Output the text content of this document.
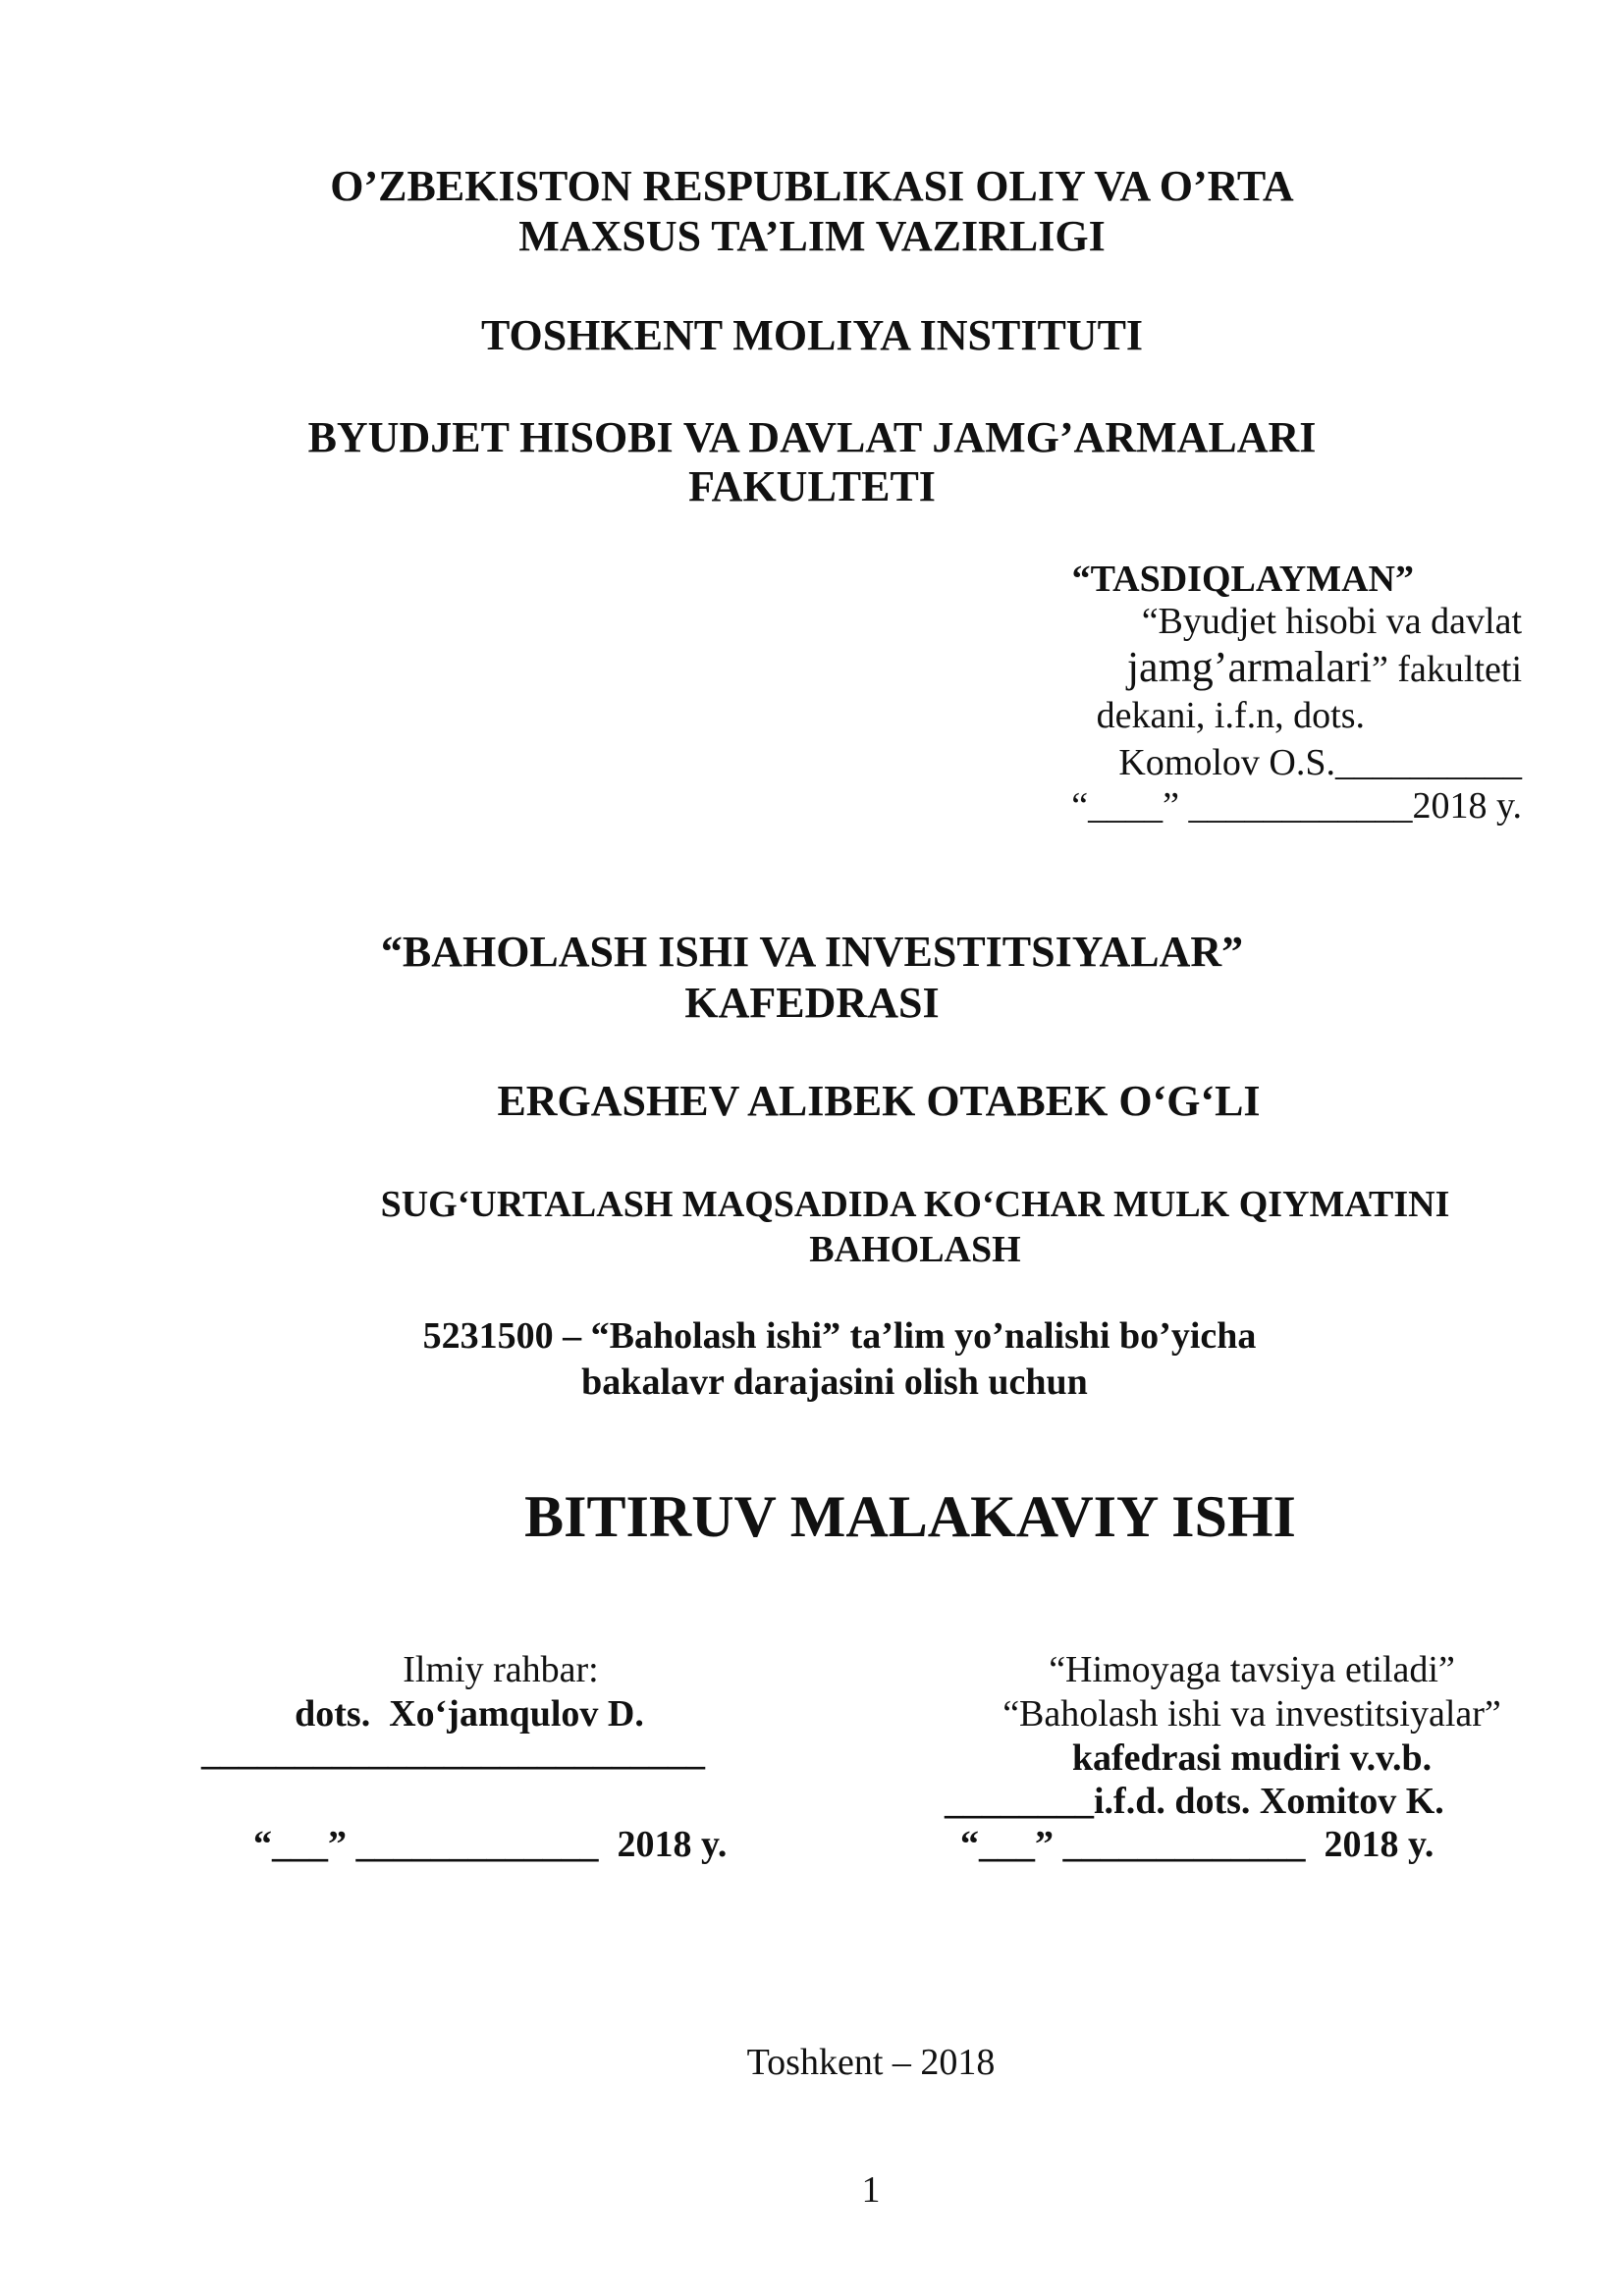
O’ZBEKISTON RESPUBLIKASI OLIY VA O’RTA
MAXSUS TA’LIM VAZIRLIGI
TOSHKENT MOLIYA INSTITUTI
BYUDJET HISOBI VA DAVLAT JAMG’ARMALARI
FAKULTETI
“TASDIQLAYMAN”
“Byudjet hisobi va davlat
jamg’armalari” fakulteti
dekani, i.f.n, dots.
Komolov O.S.__________
“____” ____________2018 y.
“BAHOLASH ISHI VA INVESTITSIYALAR”
KAFEDRASI
ERGASHEV ALIBEK OTABEK O‘G‘LI
SUG‘URTALASH MAQSADIDA KO‘CHAR MULK QIYMATINI
BAHOLASH
5231500 – “Baholash ishi” ta’lim yo’nalishi bo’yicha
bakalavr darajasini olish uchun
BITIRUV MALAKAVIY ISHI
Ilmiy rahbar:
dots.  Xo‘jamqulov D.
___________________________
“___” _____________  2018 y.
“Himoyaga tavsiya etiladi”
“Baholash ishi va investitsiyalar”
kafedrasi mudiri v.v.b.
________i.f.d. dots. Xomitov K.
“___” _____________  2018 y.
Toshkent – 2018
1
